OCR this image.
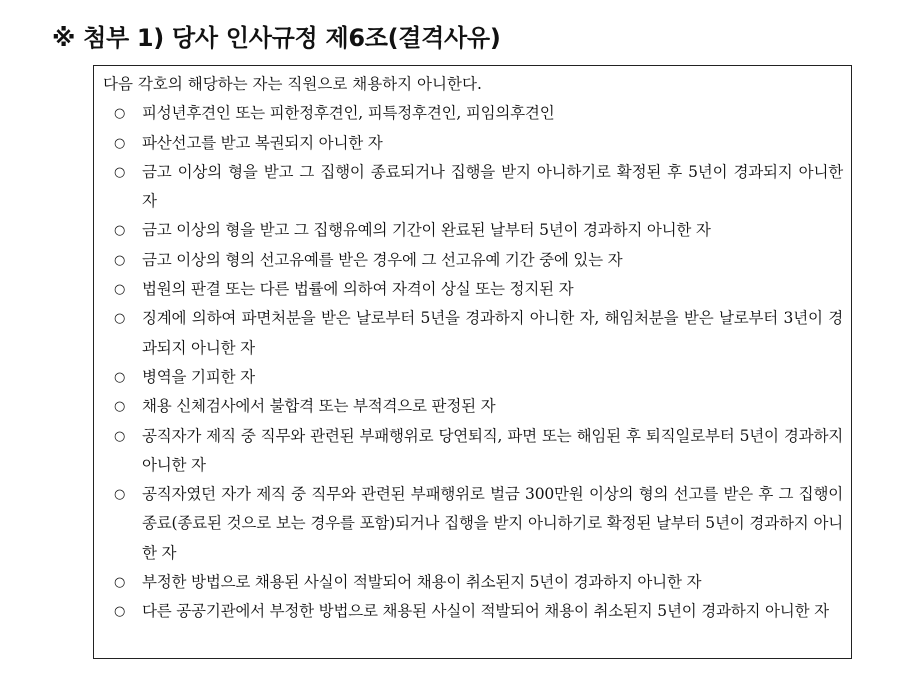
※ 첨부 1) 당사 인사규정 제6조(결격사유)

다음 각호의 해당하는 자는 직원으로 채용하지 아니한다.

○	피성년후견인 또는 피한정후견인, 피특정후견인, 피임의후견인
○	파산선고를 받고 복권되지 아니한 자
○	금고 이상의 형을 받고 그 집행이 종료되거나 집행을 받지 아니하기로 확정된 후 5년이 경과되지 아니한 자
○	금고 이상의 형을 받고 그 집행유예의 기간이 완료된 날부터 5년이 경과하지 아니한 자
○	금고 이상의 형의 선고유예를 받은 경우에 그 선고유예 기간 중에 있는 자
○	법원의 판결 또는 다른 법률에 의하여 자격이 상실 또는 정지된 자
○	징계에 의하여 파면처분을 받은 날로부터 5년을 경과하지 아니한 자, 해임처분을 받은 날로부터 3년이 경과되지 아니한 자
○	병역을 기피한 자
○	채용 신체검사에서 불합격 또는 부적격으로 판정된 자
○	공직자가 제직 중 직무와 관련된 부패행위로 당연퇴직, 파면 또는 해임된 후 퇴직일로부터 5년이 경과하지 아니한 자
○	공직자였던 자가 제직 중 직무와 관련된 부패행위로 벌금 300만원 이상의 형의 선고를 받은 후 그 집행이 종료(종료된 것으로 보는 경우를 포함)되거나 집행을 받지 아니하기로 확정된 날부터 5년이 경과하지 아니한 자
○	부정한 방법으로 채용된 사실이 적발되어 채용이 취소된지 5년이 경과하지 아니한 자
○	다른 공공기관에서 부정한 방법으로 채용된 사실이 적발되어 채용이 취소된지 5년이 경과하지 아니한 자
